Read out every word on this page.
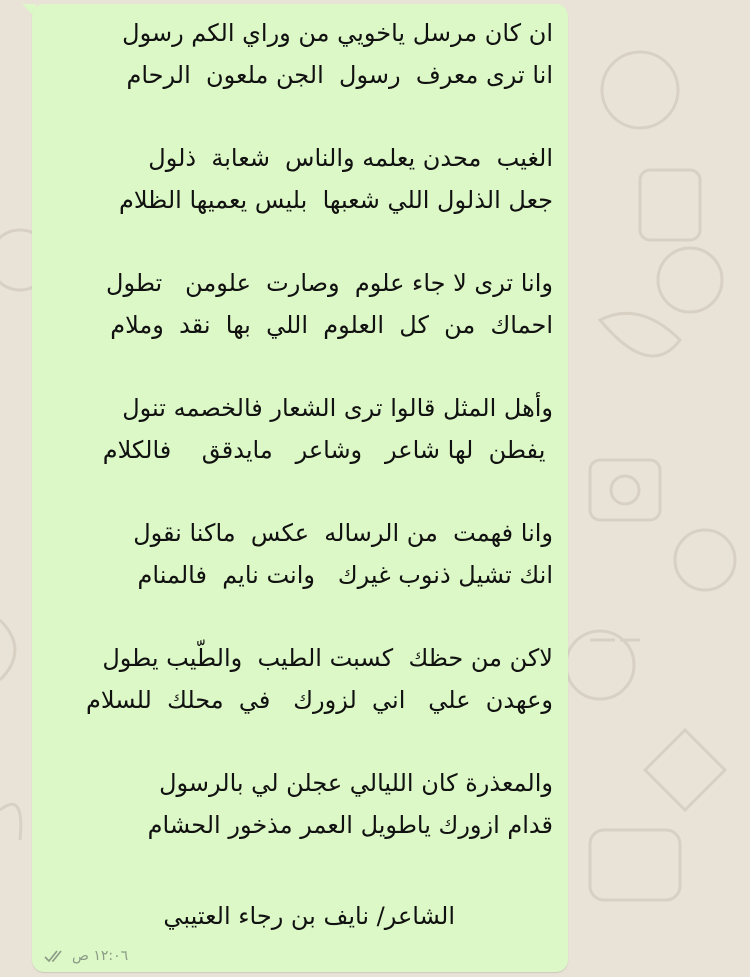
ان كان مرسل ياخويي من وراي الكم رسول
انا ترى معرف  رسول  الجن ملعون  الرحام
الغيب  محدن يعلمه والناس  شعابة  ذلول
جعل الذلول اللي شعبها  بليس يعميها الظلام
وانا ترى لا جاء علوم  وصارت  علومن   تطول
احماك  من  كل  العلوم  اللي  بها  نقد  وملام
وأهل المثل قالوا ترى الشعار فالخصمه تنول
يفطن  لها شاعر   وشاعر   مايدقق    فالكلام
وانا فهمت  من الرساله  عكس  ماكنا نقول
انك تشيل ذنوب غيرك   وانت نايم  فالمنام
لاكن من حظك  كسبت الطيب  والطّيب يطول
وعهدن  علي   اني  لزورك   في  محلك  للسلام
والمعذرة كان الليالي عجلن لي بالرسول
قدام ازورك ياطويل العمر مذخور الحشام
الشاعر/ نايف بن رجاء العتيبي
١٢:٠٦ ص
